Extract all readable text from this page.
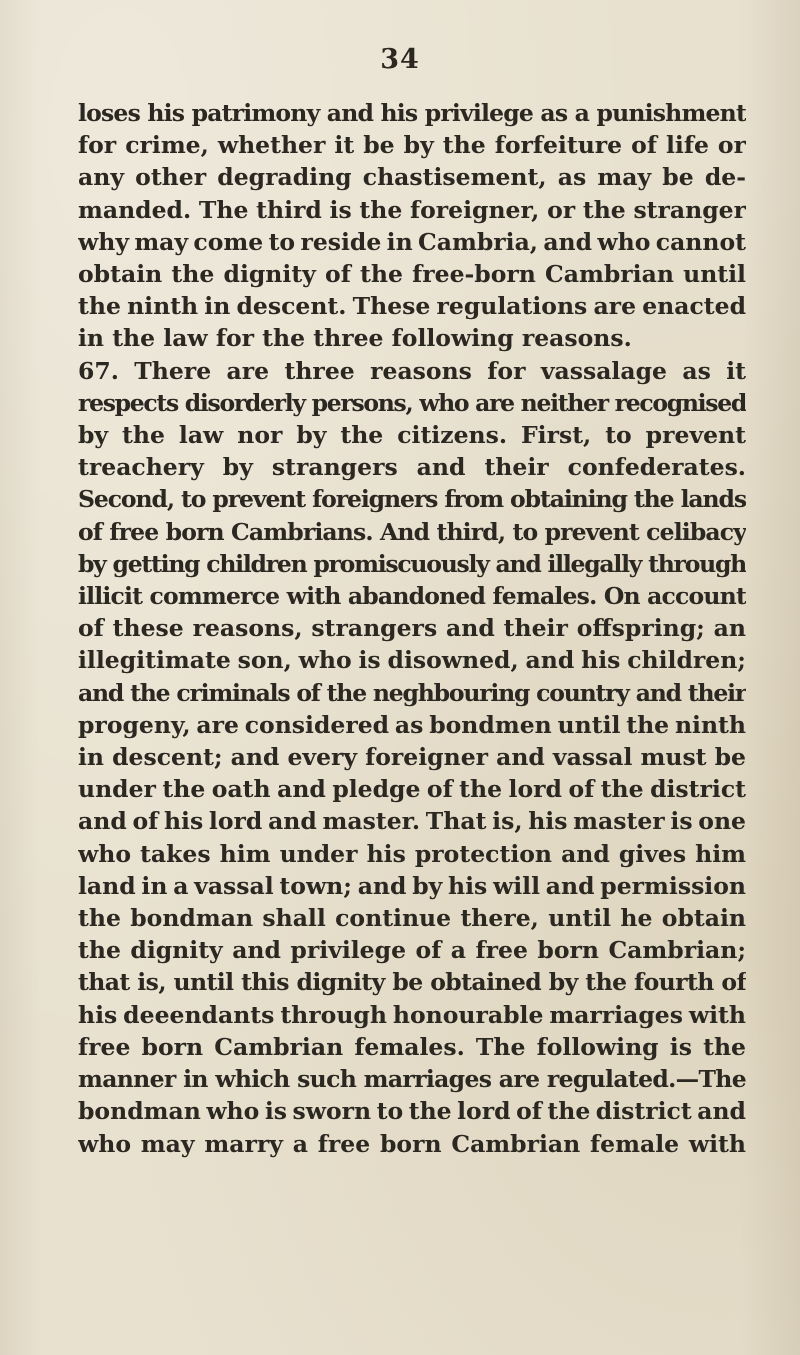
34
loses his patrimony and his privilege as a punishment
for crime, whether it be by the forfeiture of life or
any other degrading chastisement, as may be de-
manded. The third is the foreigner, or the stranger
why may come to reside in Cambria, and who cannot
obtain the dignity of the free-born Cambrian until
the ninth in descent. These regulations are enacted
in the law for the three following reasons.
67. There are three reasons for vassalage as it
respects disorderly persons, who are neither recognised
by the law nor by the citizens. First, to prevent
treachery by strangers and their confederates.
Second, to prevent foreigners from obtaining the lands
of free born Cambrians. And third, to prevent celibacy
by getting children promiscuously and illegally through
illicit commerce with abandoned females. On account
of these reasons, strangers and their offspring; an
illegitimate son, who is disowned, and his children;
and the criminals of the neghbouring country and their
progeny, are considered as bondmen until the ninth
in descent; and every foreigner and vassal must be
under the oath and pledge of the lord of the district
and of his lord and master. That is, his master is one
who takes him under his protection and gives him
land in a vassal town; and by his will and permission
the bondman shall continue there, until he obtain
the dignity and privilege of a free born Cambrian;
that is, until this dignity be obtained by the fourth of
his deeendants through honourable marriages with
free born Cambrian females. The following is the
manner in which such marriages are regulated.—The
bondman who is sworn to the lord of the district and
who may marry a free born Cambrian female with
